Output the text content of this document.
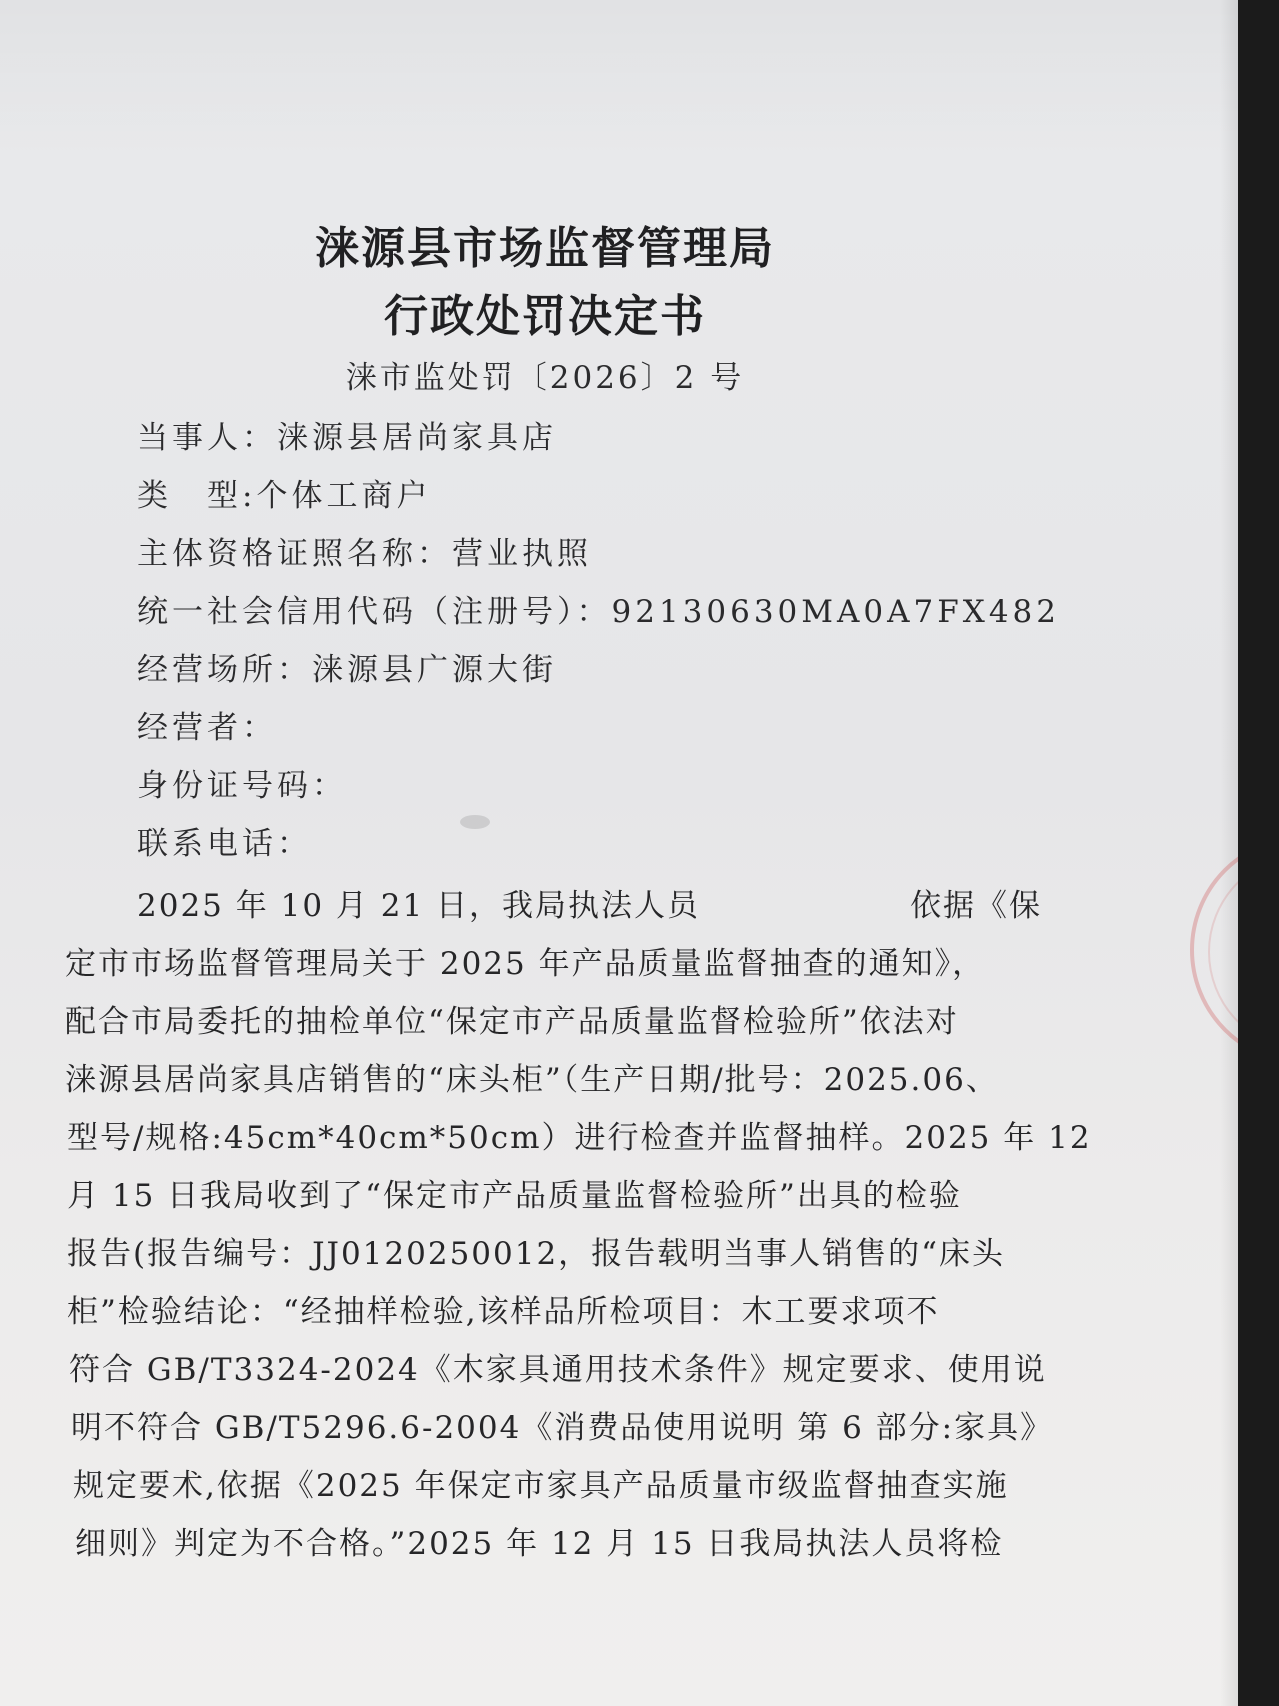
涞源县市场监督管理局
行政处罚决定书
涞市监处罚〔2026〕2 号
当事人：涞源县居尚家具店
类　型:个体工商户
主体资格证照名称：营业执照
统一社会信用代码（注册号）：92130630MA0A7FX482
经营场所：涞源县广源大街
经营者：
身份证号码：
联系电话：
2025 年 10 月 21 日，我局执法人员	依据《保
定市市场监督管理局关于 2025 年产品质量监督抽查的通知》，
配合市局委托的抽检单位“保定市产品质量监督检验所”依法对
涞源县居尚家具店销售的“床头柜”（生产日期/批号：2025.06、
型号/规格:45cm*40cm*50cm）进行检查并监督抽样。2025 年 12
月 15 日我局收到了“保定市产品质量监督检验所”出具的检验
报告(报告编号：JJ0120250012，报告载明当事人销售的“床头
柜”检验结论：“经抽样检验,该样品所检项目：木工要求项不
符合 GB/T3324-2024《木家具通用技术条件》规定要求、使用说
明不符合 GB/T5296.6-2004《消费品使用说明 第 6 部分:家具》
规定要术,依据《2025 年保定市家具产品质量市级监督抽查实施
细则》判定为不合格。”2025 年 12 月 15 日我局执法人员将检
